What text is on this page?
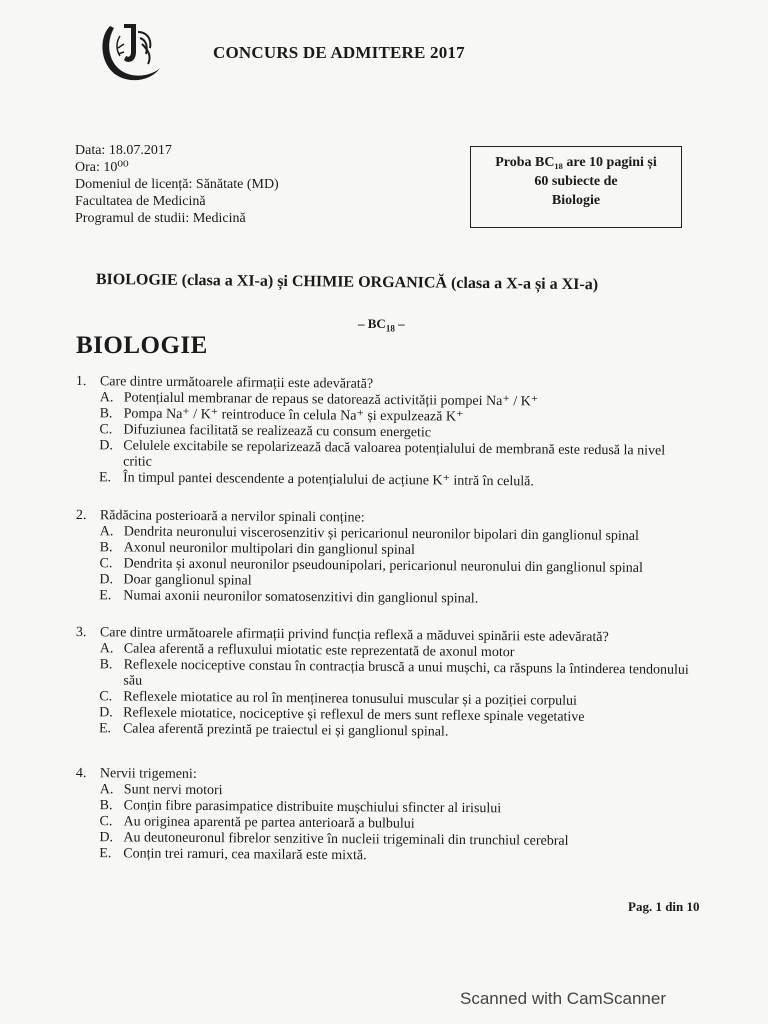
CONCURS DE ADMITERE 2017
Data: 18.07.2017
Ora: 10⁰⁰
Domeniul de licență: Sănătate (MD)
Facultatea de Medicină
Programul de studii: Medicină
Proba BC₁₈ are 10 pagini și
60 subiecte de
Biologie
BIOLOGIE (clasa a XI-a) și CHIMIE ORGANICĂ (clasa a X-a și a XI-a)
– $BC_{18}$ –
BIOLOGIE
1. Care dintre următoarele afirmații este adevărată?
A. Potențialul membranar de repaus se datorează activității pompei Na⁺ / K⁺
B. Pompa Na⁺ / K⁺ reintroduce în celula Na⁺ și expulzează K⁺
C. Difuziunea facilitată se realizează cu consum energetic
D. Celulele excitabile se repolarizează dacă valoarea potențialului de membrană este redusă la nivel critic
E. În timpul pantei descendente a potențialului de acțiune K⁺ intră în celulă.
2. Rădăcina posterioară a nervilor spinali conține:
A. Dendrita neuronului viscerosenzitiv și pericarionul neuronilor bipolari din ganglionul spinal
B. Axonul neuronilor multipolari din ganglionul spinal
C. Dendrita și axonul neuronilor pseudounipolari, pericarionul neuronului din ganglionul spinal
D. Doar ganglionul spinal
E. Numai axonii neuronilor somatosenzitivi din ganglionul spinal.
3. Care dintre următoarele afirmații privind funcția reflexă a măduvei spinării este adevărată?
A. Calea aferentă a refluxului miotatic este reprezentată de axonul motor
B. Reflexele nociceptive constau în contracția bruscă a unui mușchi, ca răspuns la întinderea tendonului său
C. Reflexele miotatice au rol în menținerea tonusului muscular și a poziției corpului
D. Reflexele miotatice, nociceptive și reflexul de mers sunt reflexe spinale vegetative
E. Calea aferentă prezintă pe traiectul ei și ganglionul spinal.
4. Nervii trigemeni:
A. Sunt nervi motori
B. Conțin fibre parasimpatice distribuite mușchiului sfincter al irisului
C. Au originea aparentă pe partea anterioară a bulbului
D. Au deutoneuronul fibrelor senzitive în nucleii trigeminali din trunchiul cerebral
E. Conțin trei ramuri, cea maxilară este mixtă.
Pag. 1 din 10
Scanned with CamScanner
